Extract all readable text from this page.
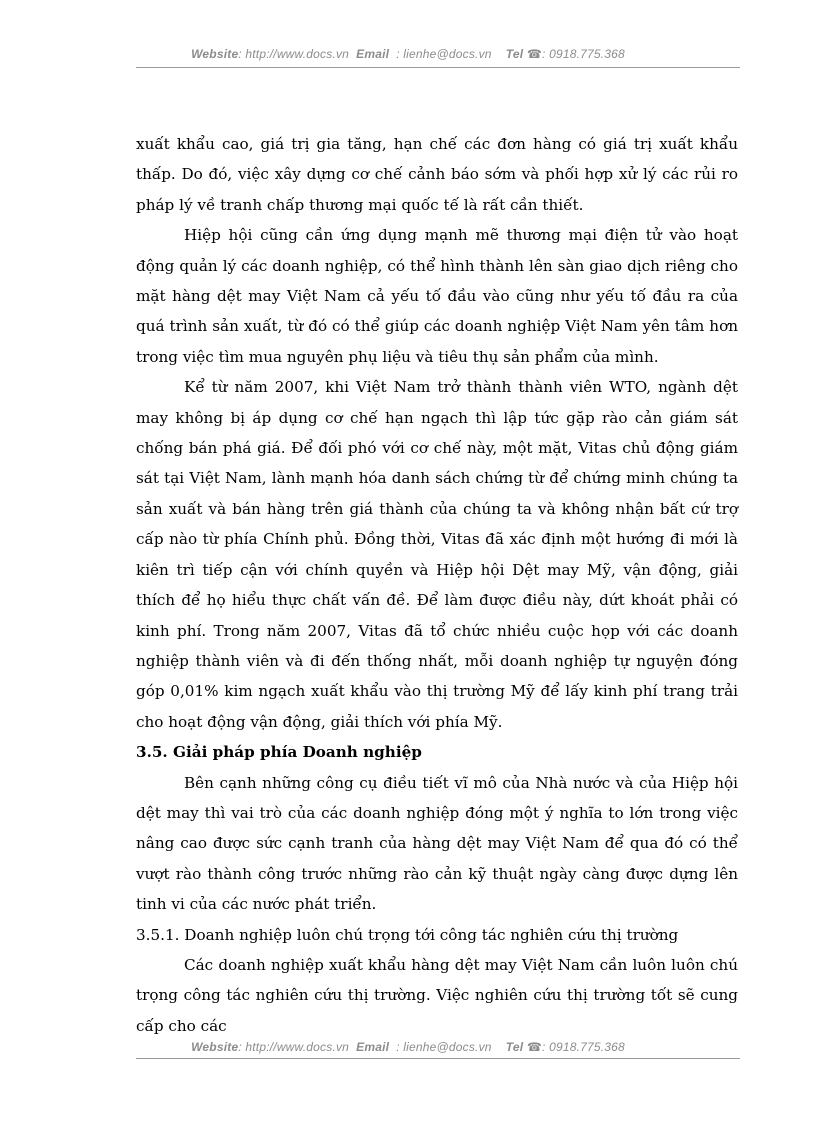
Website: http://www.docs.vn Email : lienhe@docs.vn Tel ☎: 0918.775.368

xuất khẩu cao, giá trị gia tăng, hạn chế các đơn hàng có giá trị xuất khẩu thấp. Do đó, việc xây dựng cơ chế cảnh báo sớm và phối hợp xử lý các rủi ro pháp lý về tranh chấp thương mại quốc tế là rất cần thiết.

Hiệp hội cũng cần ứng dụng mạnh mẽ thương mại điện tử vào hoạt động quản lý các doanh nghiệp, có thể hình thành lên sàn giao dịch riêng cho mặt hàng dệt may Việt Nam cả yếu tố đầu vào cũng như yếu tố đầu ra của quá trình sản xuất, từ đó có thể giúp các doanh nghiệp Việt Nam yên tâm hơn trong việc tìm mua nguyên phụ liệu và tiêu thụ sản phẩm của mình.

Kể từ năm 2007, khi Việt Nam trở thành thành viên WTO, ngành dệt may không bị áp dụng cơ chế hạn ngạch thì lập tức gặp rào cản giám sát chống bán phá giá. Để đối phó với cơ chế này, một mặt, Vitas chủ động giám sát tại Việt Nam, lành mạnh hóa danh sách chứng từ để chứng minh chúng ta sản xuất và bán hàng trên giá thành của chúng ta và không nhận bất cứ trợ cấp nào từ phía Chính phủ. Đồng thời, Vitas đã xác định một hướng đi mới là kiên trì tiếp cận với chính quyền và Hiệp hội Dệt may Mỹ, vận động, giải thích để họ hiểu thực chất vấn đề. Để làm được điều này, dứt khoát phải có kinh phí. Trong năm 2007, Vitas đã tổ chức nhiều cuộc họp với các doanh nghiệp thành viên và đi đến thống nhất, mỗi doanh nghiệp tự nguyện đóng góp 0,01% kim ngạch xuất khẩu vào thị trường Mỹ để lấy kinh phí trang trải cho hoạt động vận động, giải thích với phía Mỹ.

3.5. Giải pháp phía Doanh nghiệp

Bên cạnh những công cụ điều tiết vĩ mô của Nhà nước và của Hiệp hội dệt may thì vai trò của các doanh nghiệp đóng một ý nghĩa to lớn trong việc nâng cao được sức cạnh tranh của hàng dệt may Việt Nam để qua đó có thể vượt rào thành công trước những rào cản kỹ thuật ngày càng được dựng lên tinh vi của các nước phát triển.

3.5.1. Doanh nghiệp luôn chú trọng tới công tác nghiên cứu thị trường

Các doanh nghiệp xuất khẩu hàng dệt may Việt Nam cần luôn luôn chú trọng công tác nghiên cứu thị trường. Việc nghiên cứu thị trường tốt sẽ cung cấp cho các

Website: http://www.docs.vn Email : lienhe@docs.vn Tel ☎: 0918.775.368
